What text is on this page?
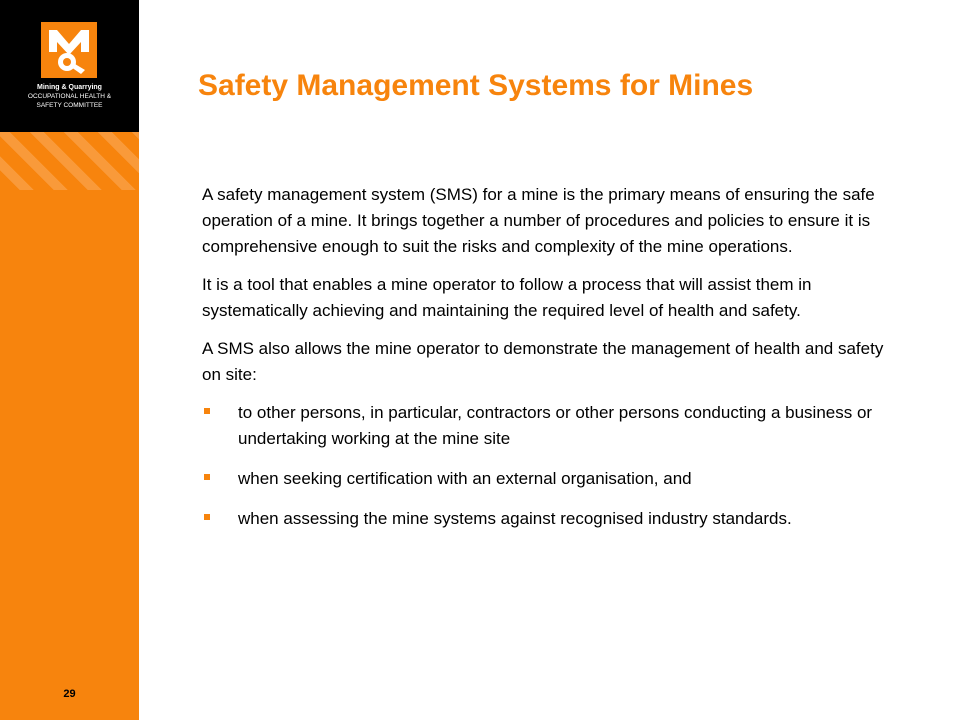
Mining & Quarrying
OCCUPATIONAL HEALTH &
SAFETY COMMITTEE
29
Safety Management Systems for Mines

A safety management system (SMS) for a mine is the primary means of ensuring the safe operation of a mine. It brings together a number of procedures and policies to ensure it is comprehensive enough to suit the risks and complexity of the mine operations.

It is a tool that enables a mine operator to follow a process that will assist them in systematically achieving and maintaining the required level of health and safety.

A SMS also allows the mine operator to demonstrate the management of health and safety on site:

to other persons, in particular, contractors or other persons conducting a business or undertaking working at the mine site
when seeking certification with an external organisation, and
when assessing the mine systems against recognised industry standards.
